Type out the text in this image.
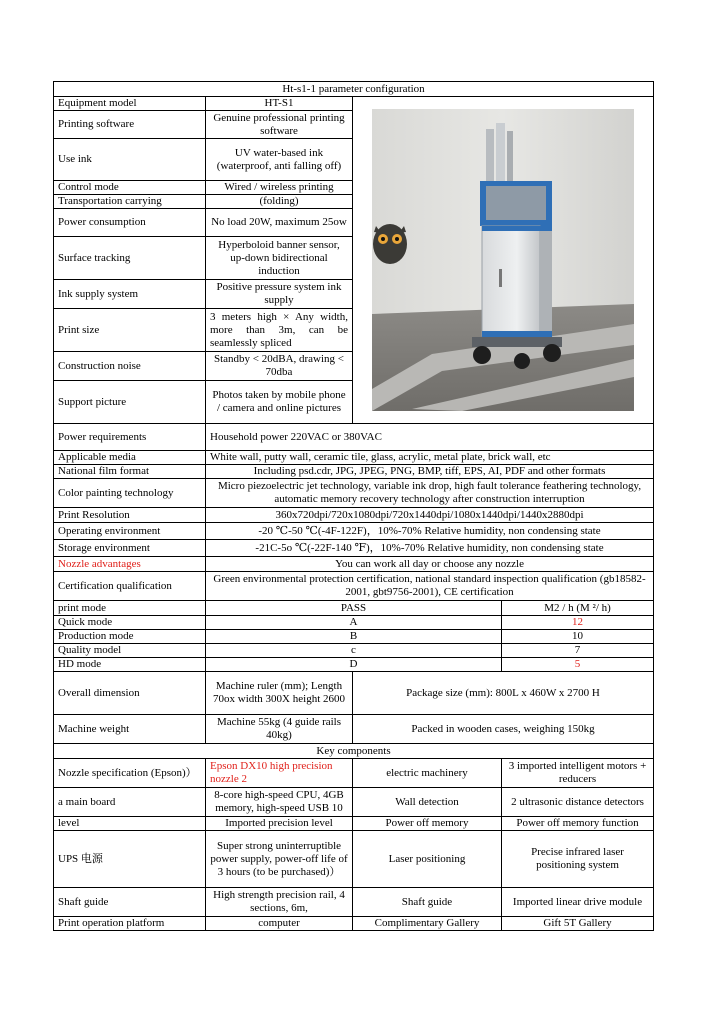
Ht-s1-1 parameter configuration			
Equipment model	HT-S1	

Printing software	Genuine professional printing software		
Use ink	UV water-based ink (waterproof, anti falling off)		
Control mode	Wired / wireless printing		
Transportation carrying	(folding)		
Power consumption	No load 20W, maximum 25ow		
Surface tracking	Hyperboloid banner sensor, up-down bidirectional induction		
Ink supply system	Positive pressure system ink supply		
Print size	3 meters high × Any width, more than 3m, can be seamlessly spliced		
Construction noise	Standby < 20dBA, drawing < 70dba		
Support picture	Photos taken by mobile phone / camera and online pictures		
Power requirements	Household power 220VAC or 380VAC		
Applicable media	White wall, putty wall, ceramic tile, glass, acrylic, metal plate, brick wall, etc		
National film format	Including psd.cdr, JPG, JPEG, PNG, BMP, tiff, EPS, AI, PDF and other formats		
Color painting technology	Micro piezoelectric jet technology, variable ink drop, high fault tolerance feathering technology, automatic memory recovery technology after construction interruption		
Print Resolution	360x720dpi/720x1080dpi/720x1440dpi/1080x1440dpi/1440x2880dpi		
Operating environment	-20 ℃-50 ℃(-4F-122F)，10%-70% Relative humidity, non condensing state		
Storage environment	-21C-5o ℃(-22F-140 ℉)，10%-70% Relative humidity, non condensing state		
Nozzle advantages	You can work all day or choose any nozzle		
Certification qualification	Green environmental protection certification, national standard inspection qualification (gb18582-2001, gbt9756-2001), CE certification		
print mode	PASS		M2 / h (M ²/ h)
Quick mode	A		12
Production mode	B		10
Quality model	c		7
HD mode	D		5
Overall dimension	Machine ruler (mm); Length 70ox width 300X height 2600	Package size (mm): 800L x 460W x 2700 H	
Machine weight	Machine 55kg (4 guide rails 40kg)	Packed in wooden cases, weighing 150kg	
Key components			
Nozzle specification (Epson)）	Epson DX10 high precision nozzle 2	electric machinery	3 imported intelligent motors + reducers
a main board	8-core high-speed CPU, 4GB memory, high-speed USB 10	Wall detection	2 ultrasonic distance detectors
level	Imported precision level	Power off memory	Power off memory function
UPS 电源	Super strong uninterruptible power supply, power-off life of 3 hours (to be purchased)）	Laser positioning	Precise infrared laser positioning system
Shaft guide	High strength precision rail, 4 sections, 6m,	Shaft guide	Imported linear drive module
Print operation platform	computer	Complimentary Gallery	Gift 5T Gallery
